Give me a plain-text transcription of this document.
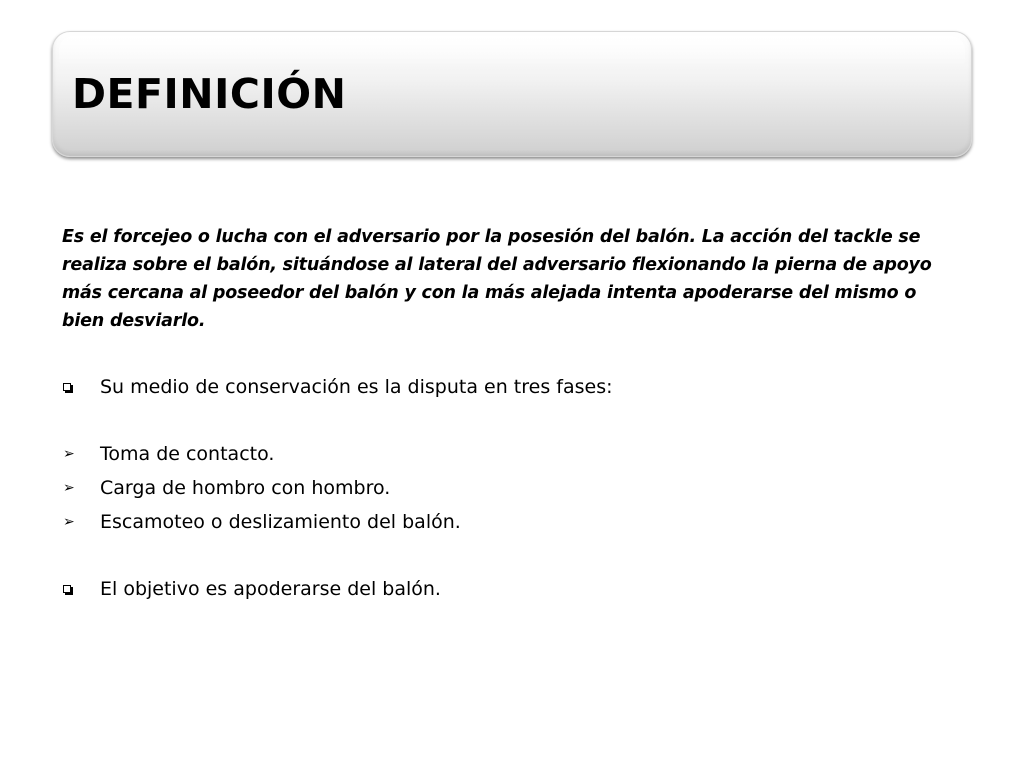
DEFINICIÓN

Es el forcejeo o lucha con el adversario por la posesión del balón. La acción del tackle se realiza sobre el balón, situándose al lateral del adversario flexionando la pierna de apoyo más cercana al poseedor del balón y con la más alejada intenta apoderarse del mismo o bien desviarlo.

Su medio de conservación es la disputa en tres fases:
➢ Toma de contacto.
➢ Carga de hombro con hombro.
➢ Escamoteo o deslizamiento del balón.
El objetivo es apoderarse del balón.
